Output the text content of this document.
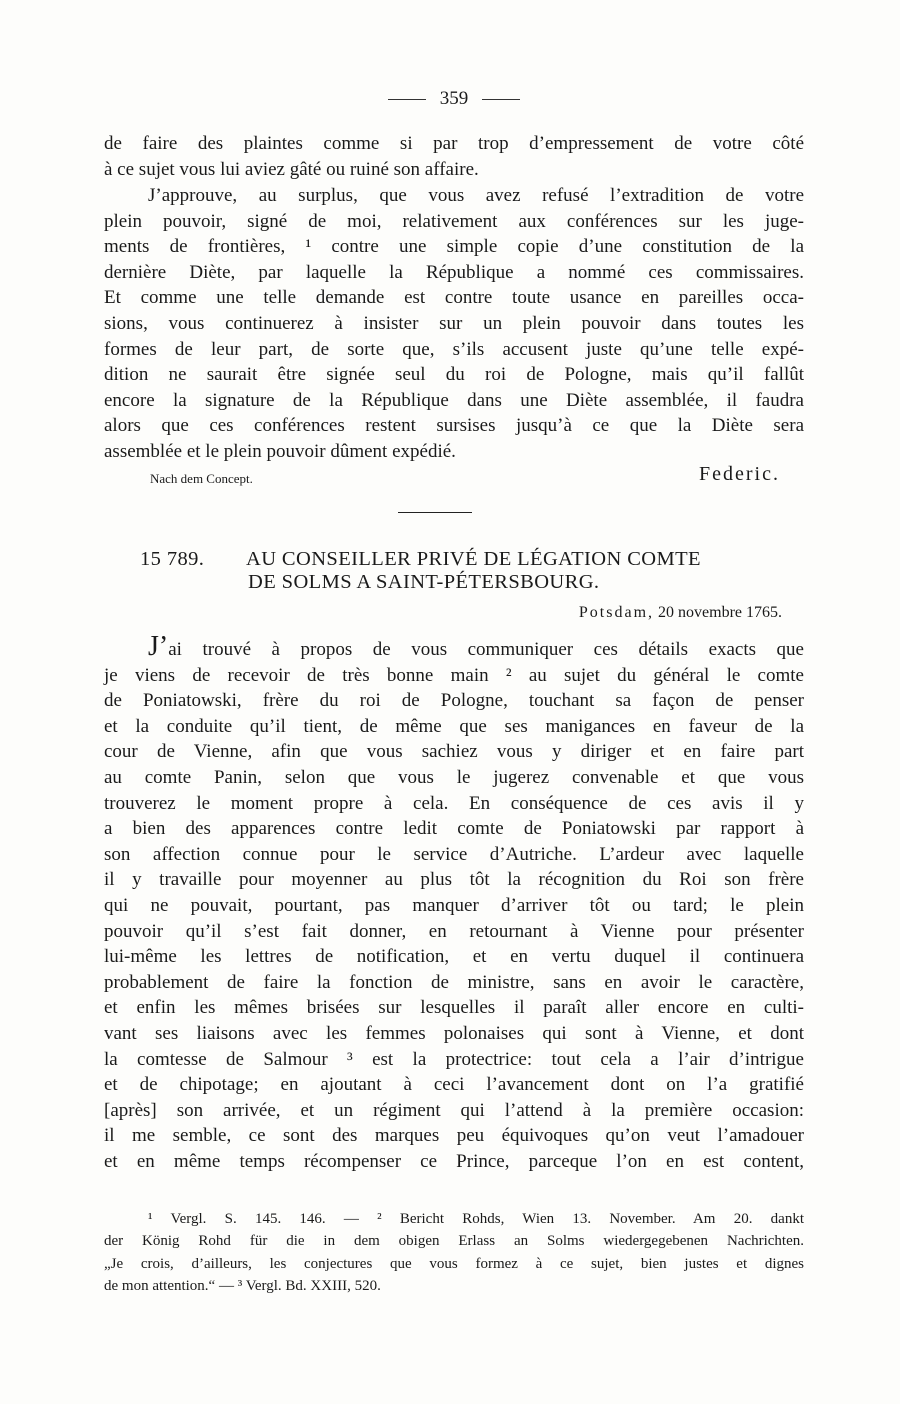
359
de faire des plaintes comme si par trop d’empressement de votre côté
à ce sujet vous lui aviez gâté ou ruiné son affaire.
J’approuve, au surplus, que vous avez refusé l’extradition de votre
plein pouvoir, signé de moi, relativement aux conférences sur les juge-
ments de frontières, ¹ contre une simple copie d’une constitution de la
dernière Diète, par laquelle la République a nommé ces commissaires.
Et comme une telle demande est contre toute usance en pareilles occa-
sions, vous continuerez à insister sur un plein pouvoir dans toutes les
formes de leur part, de sorte que, s’ils accusent juste qu’une telle expé-
dition ne saurait être signée seul du roi de Pologne, mais qu’il fallût
encore la signature de la République dans une Diète assemblée, il faudra
alors que ces conférences restent sursises jusqu’à ce que la Diète sera
assemblée et le plein pouvoir dûment expédié.
Nach dem Concept.	Federic.
15 789. AU CONSEILLER PRIVÉ DE LÉGATION COMTE
DE SOLMS A SAINT-PÉTERSBOURG.
Potsdam, 20 novembre 1765.
J’ai trouvé à propos de vous communiquer ces détails exacts que
je viens de recevoir de très bonne main ² au sujet du général le comte
de Poniatowski, frère du roi de Pologne, touchant sa façon de penser
et la conduite qu’il tient, de même que ses manigances en faveur de la
cour de Vienne, afin que vous sachiez vous y diriger et en faire part
au comte Panin, selon que vous le jugerez convenable et que vous
trouverez le moment propre à cela. En conséquence de ces avis il y
a bien des apparences contre ledit comte de Poniatowski par rapport à
son affection connue pour le service d’Autriche. L’ardeur avec laquelle
il y travaille pour moyenner au plus tôt la récognition du Roi son frère
qui ne pouvait, pourtant, pas manquer d’arriver tôt ou tard; le plein
pouvoir qu’il s’est fait donner, en retournant à Vienne pour présenter
lui-même les lettres de notification, et en vertu duquel il continuera
probablement de faire la fonction de ministre, sans en avoir le caractère,
et enfin les mêmes brisées sur lesquelles il paraît aller encore en culti-
vant ses liaisons avec les femmes polonaises qui sont à Vienne, et dont
la comtesse de Salmour ³ est la protectrice: tout cela a l’air d’intrigue
et de chipotage; en ajoutant à ceci l’avancement dont on l’a gratifié
[après] son arrivée, et un régiment qui l’attend à la première occasion:
il me semble, ce sont des marques peu équivoques qu’on veut l’amadouer
et en même temps récompenser ce Prince, parceque l’on en est content,
¹ Vergl. S. 145. 146. — ² Bericht Rohds, Wien 13. November. Am 20. dankt
der König Rohd für die in dem obigen Erlass an Solms wiedergegebenen Nachrichten.
„Je crois, d’ailleurs, les conjectures que vous formez à ce sujet, bien justes et dignes
de mon attention.“ — ³ Vergl. Bd. XXIII, 520.
